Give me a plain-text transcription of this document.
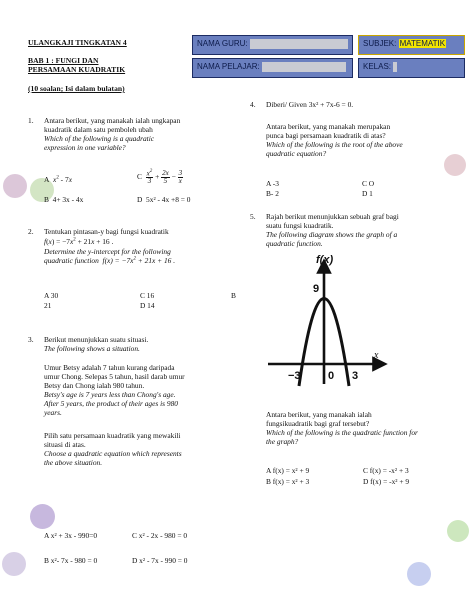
ULANGKAJI TINGKATAN 4
BAB 1 : FUNGI DAN
PERSAMAAN KUADRATIK
(10 soalan; Isi dalam bulatan)
NAMA GURU:	SUBJEK: MATEMATIK
NAMA PELAJAR:	KELAS:
1. Antara berikut, yang manakah ialah ungkapan

kuadratik dalam satu pemboleh ubah

Which of the following is a quadratic

expression in one variable?

A $x^2 - 7x$	C $\frac{x^2}{3} + \frac{2x}{5} - \frac{3}{x}$
B 4+ 3x - 4x	D 5x² - 4x +8 = 0
2. Tentukan pintasan-y bagi fungsi kuadratik

$f(x) = -7x^2 + 21x + 16$ .

Determine the y-intercept for the following

quadratic function $f(x) = -7x^2 + 21x + 16$ .

A 30	C 16	B
21	D 14
3. Berikut menunjukkan suatu situasi.

The following shows a situation.

Umur Betsy adalah 7 tahun kurang daripada

umur Chong. Selepas 5 tahun, hasil darab umur

Betsy dan Chong ialah 980 tahun.

Betsy's age is 7 years less than Chong's age.

After 5 years, the product of their ages is 980

years.

Pilih satu persamaan kuadratik yang mewakili

situasi di atas.

Choose a quadratic equation which represents

the above situation.

A x² + 3x - 990=0	C x² - 2x - 980 = 0
B x²- 7x - 980 = 0	D x² - 7x - 990 = 0
4. Diberi/ Given 3x² + 7x-6 = 0.

Antara berikut, yang manakah merupakan

punca bagi persamaan kuadratik di atas?

Which of the following is the root of the above

quadratic equation?

A -3	C O
B- 2	D 1
5. Rajah berikut menunjukkan sebuah graf bagi

suatu fungsi kuadratik.

The following diagram shows the graph of a

quadratic function.

f(x)
x
9
−3 0 3

Antara berikut, yang manakah ialah

fungsikuadratik bagi graf tersebut?

Which of the following is the quadratic function for

the graph?

A f(x) = x² + 9	C f(x) = -x² + 3
B f(x) = x² + 3	D f(x) = -x² + 9
